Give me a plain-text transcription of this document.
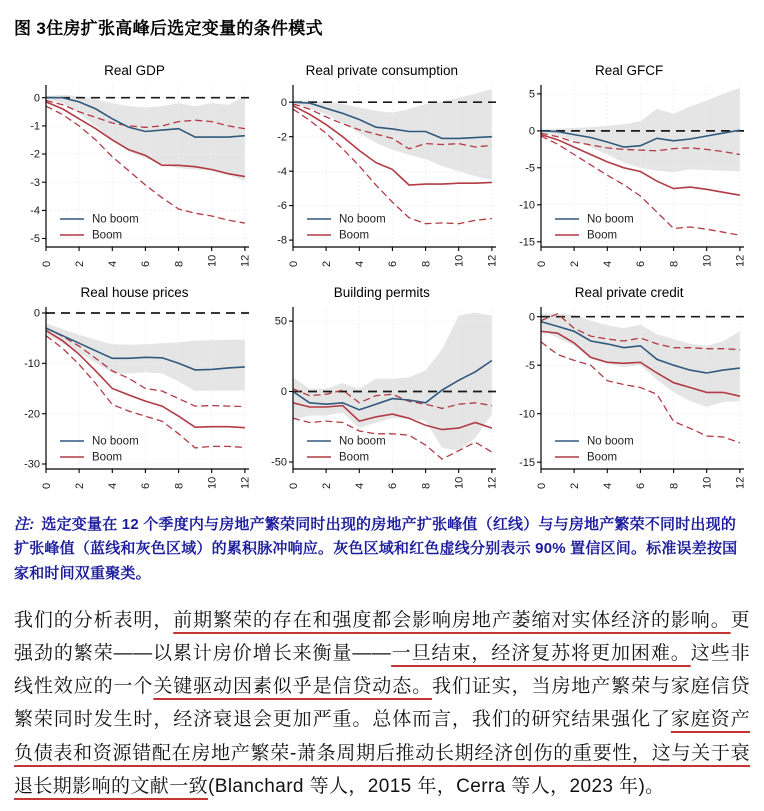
图 3住房扩张高峰后选定变量的条件模式
Real GDP
0
-1
-2
-3
-4
-5
0 2 4 6 8 10 12
No boom
Boom
Real private consumption
0
-2
-4
-6
-8
0 2 4 6 8 10 12
No boom
Boom
Real GFCF
5
0
-5
-10
-15
0 2 4 6 8 10 12
No boom
Boom
Real house prices
0
-10
-20
-30
0 2 4 6 8 10 12
No boom
Boom
Building permits
50
0
-50
0 2 4 6 8 10 12
No boom
Boom
Real private credit
0
-5
-10
-15
0 2 4 6 8 10 12
No boom
Boom
注: 选定变量在 12 个季度内与房地产繁荣同时出现的房地产扩张峰值（红线）与与房地产繁荣不同时出现的扩张峰值（蓝线和灰色区域）的累积脉冲响应。灰色区域和红色虚线分别表示 90% 置信区间。标准误差按国家和时间双重聚类。

我们的分析表明，前期繁荣的存在和强度都会影响房地产萎缩对实体经济的影响。更强劲的繁荣——以累计房价增长来衡量——一旦结束，经济复苏将更加困难。这些非线性效应的一个关键驱动因素似乎是信贷动态。我们证实，当房地产繁荣与家庭信贷繁荣同时发生时，经济衰退会更加严重。总体而言，我们的研究结果强化了家庭资产负债表和资源错配在房地产繁荣-萧条周期后推动长期经济创伤的重要性，这与关于衰退长期影响的文献一致(Blanchard 等人，2015 年，Cerra 等人，2023 年)。
